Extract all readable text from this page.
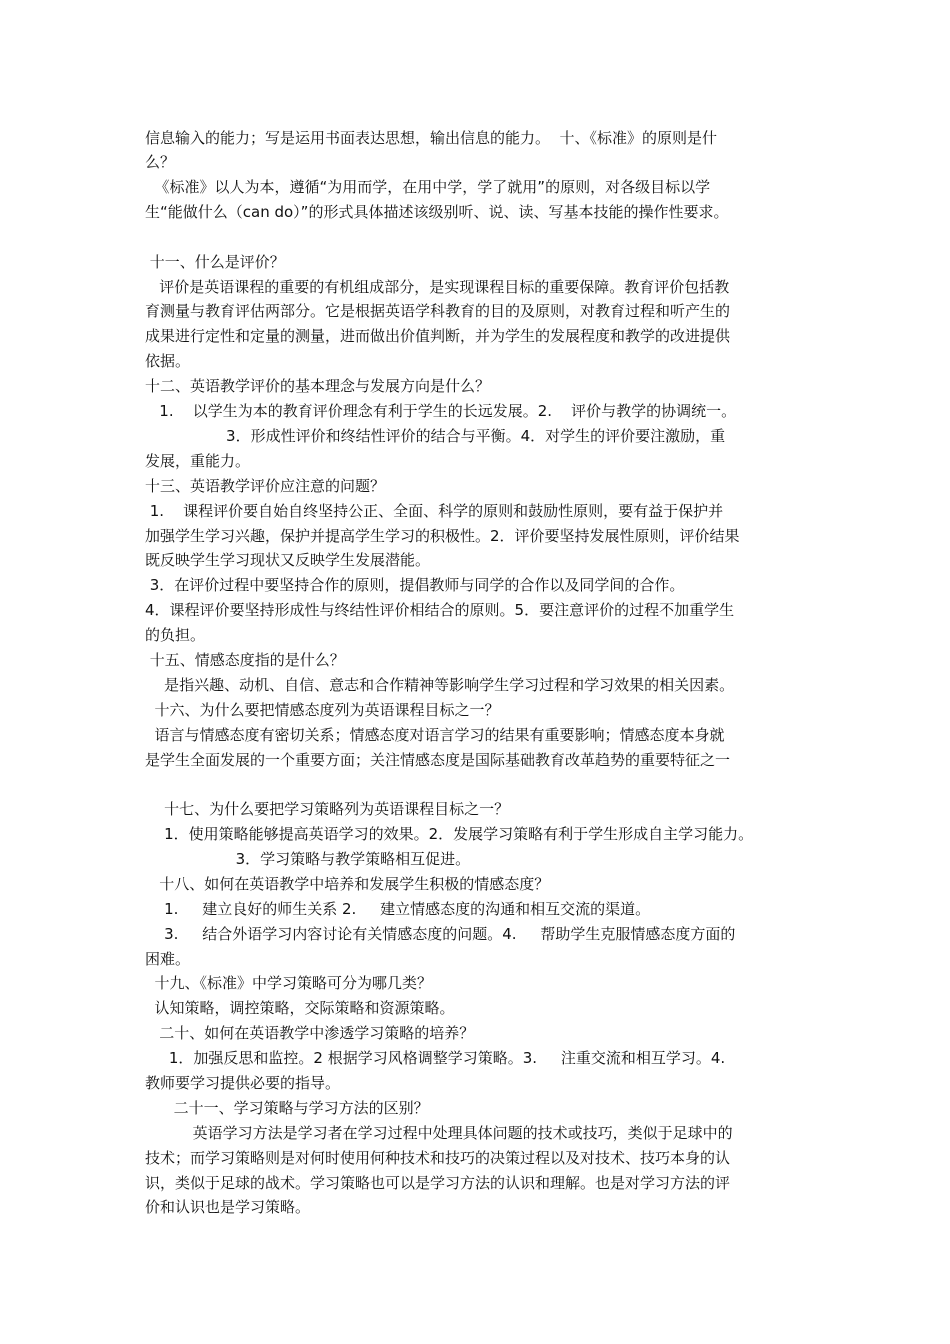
信息输入的能力；写是运用书面表达思想，输出信息的能力。  十、《标准》的原则是什
么？
《标准》以人为本，遵循“为用而学，在用中学，学了就用”的原则，对各级目标以学
生“能做什么（can do）”的形式具体描述该级别听、说、读、写基本技能的操作性要求。
十一、什么是评价？
评价是英语课程的重要的有机组成部分，是实现课程目标的重要保障。教育评价包括教
育测量与教育评估两部分。它是根据英语学科教育的目的及原则，对教育过程和听产生的
成果进行定性和定量的测量，进而做出价值判断，并为学生的发展程度和教学的改进提供
依据。
十二、英语教学评价的基本理念与发展方向是什么？
1.    以学生为本的教育评价理念有利于学生的长远发展。2.    评价与教学的协调统一。
3．形成性评价和终结性评价的结合与平衡。4．对学生的评价要注激励，重
发展，重能力。
十三、英语教学评价应注意的问题？
1.    课程评价要自始自终坚持公正、全面、科学的原则和鼓励性原则，要有益于保护并
加强学生学习兴趣，保护并提高学生学习的积极性。2．评价要坚持发展性原则，评价结果
既反映学生学习现状又反映学生发展潜能。
3．在评价过程中要坚持合作的原则，提倡教师与同学的合作以及同学间的合作。
4．课程评价要坚持形成性与终结性评价相结合的原则。5．要注意评价的过程不加重学生
的负担。
十五、情感态度指的是什么？
是指兴趣、动机、自信、意志和合作精神等影响学生学习过程和学习效果的相关因素。
十六、为什么要把情感态度列为英语课程目标之一？
语言与情感态度有密切关系；情感态度对语言学习的结果有重要影响；情感态度本身就
是学生全面发展的一个重要方面；关注情感态度是国际基础教育改革趋势的重要特征之一
十七、为什么要把学习策略列为英语课程目标之一？
1．使用策略能够提高英语学习的效果。2．发展学习策略有利于学生形成自主学习能力。
3．学习策略与教学策略相互促进。
十八、如何在英语教学中培养和发展学生积极的情感态度？
1.     建立良好的师生关系 2.     建立情感态度的沟通和相互交流的渠道。
3.     结合外语学习内容讨论有关情感态度的问题。4.     帮助学生克服情感态度方面的
困难。
十九、《标准》中学习策略可分为哪几类？
认知策略，调控策略，交际策略和资源策略。
二十、如何在英语教学中渗透学习策略的培养？
1．加强反思和监控。2 根据学习风格调整学习策略。3.     注重交流和相互学习。4.
教师要学习提供必要的指导。
二十一、学习策略与学习方法的区别？
英语学习方法是学习者在学习过程中处理具体问题的技术或技巧，类似于足球中的
技术；而学习策略则是对何时使用何种技术和技巧的决策过程以及对技术、技巧本身的认
识，类似于足球的战术。学习策略也可以是学习方法的认识和理解。也是对学习方法的评
价和认识也是学习策略。
